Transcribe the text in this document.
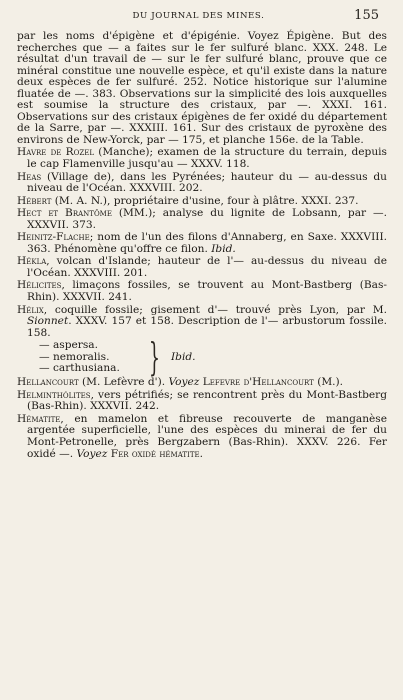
DU JOURNAL DES MINES.	155

par les noms d'épigène et d'épigénie. Voyez Épigène. But des recherches que — a faites sur le fer sulfuré blanc. XXX. 248. Le résultat d'un travail de — sur le fer sulfuré blanc, prouve que ce minéral constitue une nouvelle espèce, et qu'il existe dans la nature deux espèces de fer sulfuré. 252. Notice historique sur l'alumine fluatée de —. 383. Observations sur la simplicité des lois auxquelles est soumise la structure des cristaux, par —. XXXI. 161. Observations sur des cristaux épigènes de fer oxidé du département de la Sarre, par —. XXXIII. 161. Sur des cristaux de pyroxène des environs de New-Yorck, par — 175, et planche 156e. de la Table.

Havre de Rozel (Manche); examen de la structure du terrain, depuis le cap Flamenville jusqu'au — XXXV. 118.

Heas (Village de), dans les Pyrénées; hauteur du — au-dessus du niveau de l'Océan. XXXVIII. 202.

Hébert (M. A. N.), propriétaire d'usine, four à plâtre. XXXI. 237.

Hect et Brantôme (MM.); analyse du lignite de Lobsann, par —. XXXVII. 373.

Heinitz-Flache; nom de l'un des filons d'Annaberg, en Saxe. XXXVIII. 363. Phénomène qu'offre ce filon. Ibid.

Hékla, volcan d'Islande; hauteur de l'— au-dessus du niveau de l'Océan. XXXVIII. 201.

Hélicites, limaçons fossiles, se trouvent au Mont-Bastberg (Bas-Rhin). XXXVII. 241.

Hélix, coquille fossile; gisement d'— trouvé près Lyon, par M. Sionnet. XXXV. 157 et 158. Description de l'— arbustorum fossile. 158.

— aspersa.
— nemoralis.
— carthusiana. } Ibid.

Hellancourt (M. Lefèvre d'). Voyez Lefevre d'Hellancourt (M.).

Helminthólites, vers pétrifiés; se rencontrent près du Mont-Bastberg (Bas-Rhin). XXXVII. 242.

Hématite, en mamelon et fibreuse recouverte de manganèse argentée superficielle, l'une des espèces du minerai de fer du Mont-Petronelle, près Bergzabern (Bas-Rhin). XXXV. 226. Fer oxidé —. Voyez Fer oxidé hématite.
